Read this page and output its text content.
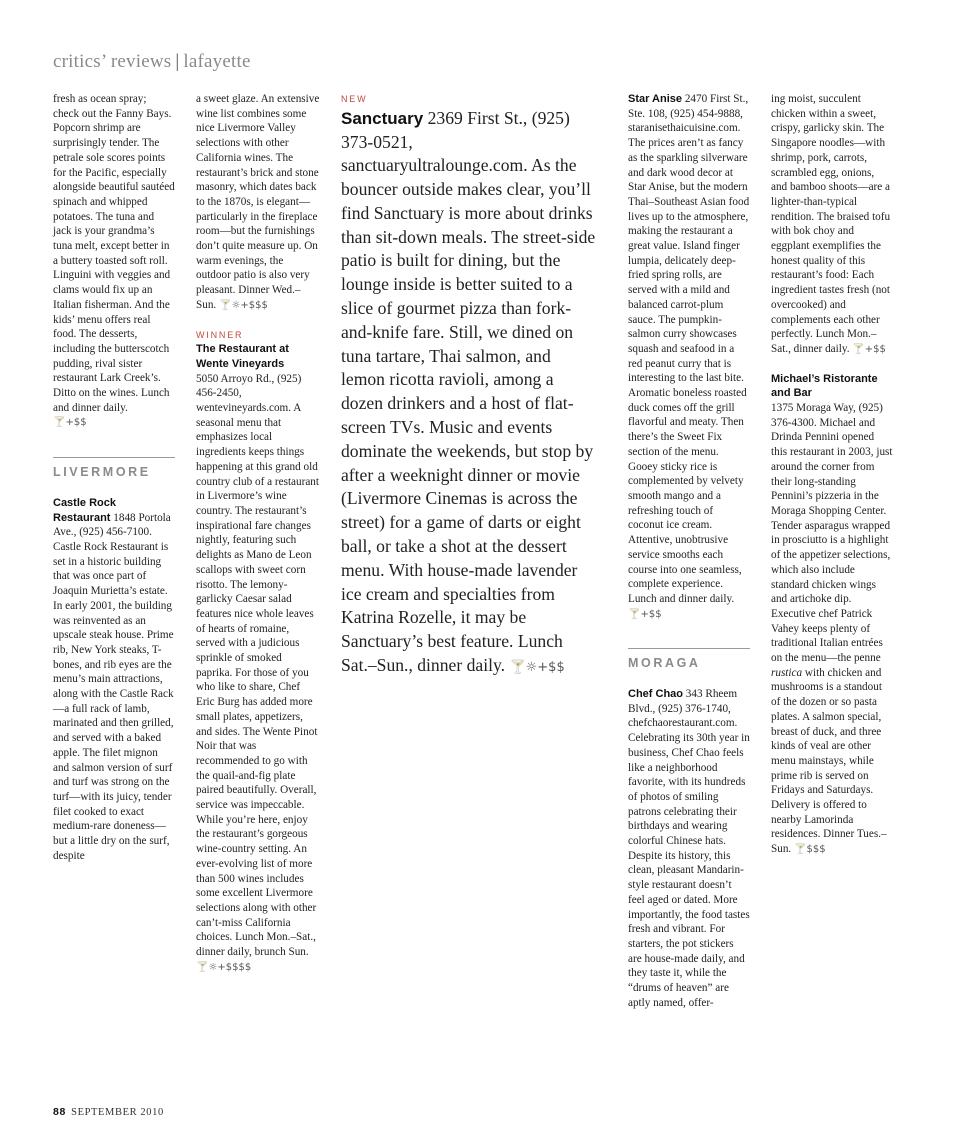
critics’ reviews | lafayette

fresh as ocean spray; check out the Fanny Bays. Popcorn shrimp are surprisingly tender. The petrale sole scores points for the Pacific, especially alongside beautiful sautéed spinach and whipped potatoes. The tuna and jack is your grandma’s tuna melt, except better in a buttery toasted soft roll. Linguini with veggies and clams would fix up an Italian fisherman. And the kids’ menu offers real food. The desserts, including the butterscotch pudding, rival sister restaurant Lark Creek’s. Ditto on the wines. Lunch and dinner daily.

🍸+$$

LIVERMORE

Castle Rock Restaurant 1848 Portola Ave., (925) 456-7100. Castle Rock Restaurant is set in a historic building that was once part of Joaquin Murietta’s estate. In early 2001, the building was reinvented as an upscale steak house. Prime rib, New York steaks, T-bones, and rib eyes are the menu’s main attractions, along with the Castle Rack—a full rack of lamb, marinated and then grilled, and served with a baked apple. The filet mignon and salmon version of surf and turf was strong on the turf—with its juicy, tender filet cooked to exact medium-rare doneness—but a little dry on the surf, despite

a sweet glaze. An extensive wine list combines some nice Livermore Valley selections with other California wines. The restaurant’s brick and stone masonry, which dates back to the 1870s, is elegant—particularly in the fireplace room—but the furnishings don’t quite measure up. On warm evenings, the outdoor patio is also very pleasant. Dinner Wed.–Sun. 🍸☼+$$$

WINNER

The Restaurant at Wente Vineyards

5050 Arroyo Rd., (925) 456-2450, wentevineyards.com. A seasonal menu that emphasizes local ingredients keeps things happening at this grand old country club of a restaurant in Livermore’s wine country. The restaurant’s inspirational fare changes nightly, featuring such delights as Mano de Leon scallops with sweet corn risotto. The lemony-garlicky Caesar salad features nice whole leaves of hearts of romaine, served with a judicious sprinkle of smoked paprika. For those of you who like to share, Chef Eric Burg has added more small plates, appetizers, and sides. The Wente Pinot Noir that was recommended to go with the quail-and-fig plate paired beautifully. Overall, service was impeccable. While you’re here, enjoy the restaurant’s gorgeous wine-country setting. An ever-evolving list of more than 500 wines includes some excellent Livermore selections along with other can’t-miss California choices. Lunch Mon.–Sat., dinner daily, brunch Sun. 🍸☼+$$$$

NEW

Sanctuary 2369 First St., (925) 373-0521, sanctuaryultralounge.com. As the bouncer outside makes clear, you’ll find Sanctuary is more about drinks than sit-down meals. The street-side patio is built for dining, but the lounge inside is better suited to a slice of gourmet pizza than fork-and-knife fare. Still, we dined on tuna tartare, Thai salmon, and lemon ricotta ravioli, among a dozen drinkers and a host of flat-screen TVs. Music and events dominate the weekends, but stop by after a weeknight dinner or movie (Livermore Cinemas is across the street) for a game of darts or eight ball, or take a shot at the dessert menu. With house-made lavender ice cream and specialties from Katrina Rozelle, it may be Sanctuary’s best feature. Lunch Sat.–Sun., dinner daily. 🍸☼+$$

Star Anise 2470 First St., Ste. 108, (925) 454-9888, staranisethaicuisine.com. The prices aren’t as fancy as the sparkling silverware and dark wood decor at Star Anise, but the modern Thai–Southeast Asian food lives up to the atmosphere, making the restaurant a great value. Island finger lumpia, delicately deep-fried spring rolls, are served with a mild and balanced carrot-plum sauce. The pumpkin-salmon curry showcases squash and seafood in a red peanut curry that is interesting to the last bite. Aromatic boneless roasted duck comes off the grill flavorful and meaty. Then there’s the Sweet Fix section of the menu. Gooey sticky rice is complemented by velvety smooth mango and a refreshing touch of coconut ice cream. Attentive, unobtrusive service smooths each course into one seamless, complete experience. Lunch and dinner daily. 🍸+$$

MORAGA

Chef Chao 343 Rheem Blvd., (925) 376-1740, chefchaorestaurant.com. Celebrating its 30th year in business, Chef Chao feels like a neighborhood favorite, with its hundreds of photos of smiling patrons celebrating their birthdays and wearing colorful Chinese hats. Despite its history, this clean, pleasant Mandarin-style restaurant doesn’t feel aged or dated. More importantly, the food tastes fresh and vibrant. For starters, the pot stickers are house-made daily, and they taste it, while the “drums of heaven” are aptly named, offer-

ing moist, succulent chicken within a sweet, crispy, garlicky skin. The Singapore noodles—with shrimp, pork, carrots, scrambled egg, onions, and bamboo shoots—are a lighter-than-typical rendition. The braised tofu with bok choy and eggplant exemplifies the honest quality of this restaurant’s food: Each ingredient tastes fresh (not overcooked) and complements each other perfectly. Lunch Mon.–Sat., dinner daily. 🍸+$$

Michael’s Ristorante and Bar

1375 Moraga Way, (925) 376-4300. Michael and Drinda Pennini opened this restaurant in 2003, just around the corner from their long-standing Pennini’s pizzeria in the Moraga Shopping Center. Tender asparagus wrapped in prosciutto is a highlight of the appetizer selections, which also include standard chicken wings and artichoke dip. Executive chef Patrick Vahey keeps plenty of traditional Italian entrées on the menu—the penne rustica with chicken and mushrooms is a standout of the dozen or so pasta plates. A salmon special, breast of duck, and three kinds of veal are other menu mainstays, while prime rib is served on Fridays and Saturdays. Delivery is offered to nearby Lamorinda residences. Dinner Tues.–Sun. 🍸$$$

88 SEPTEMBER 2010
